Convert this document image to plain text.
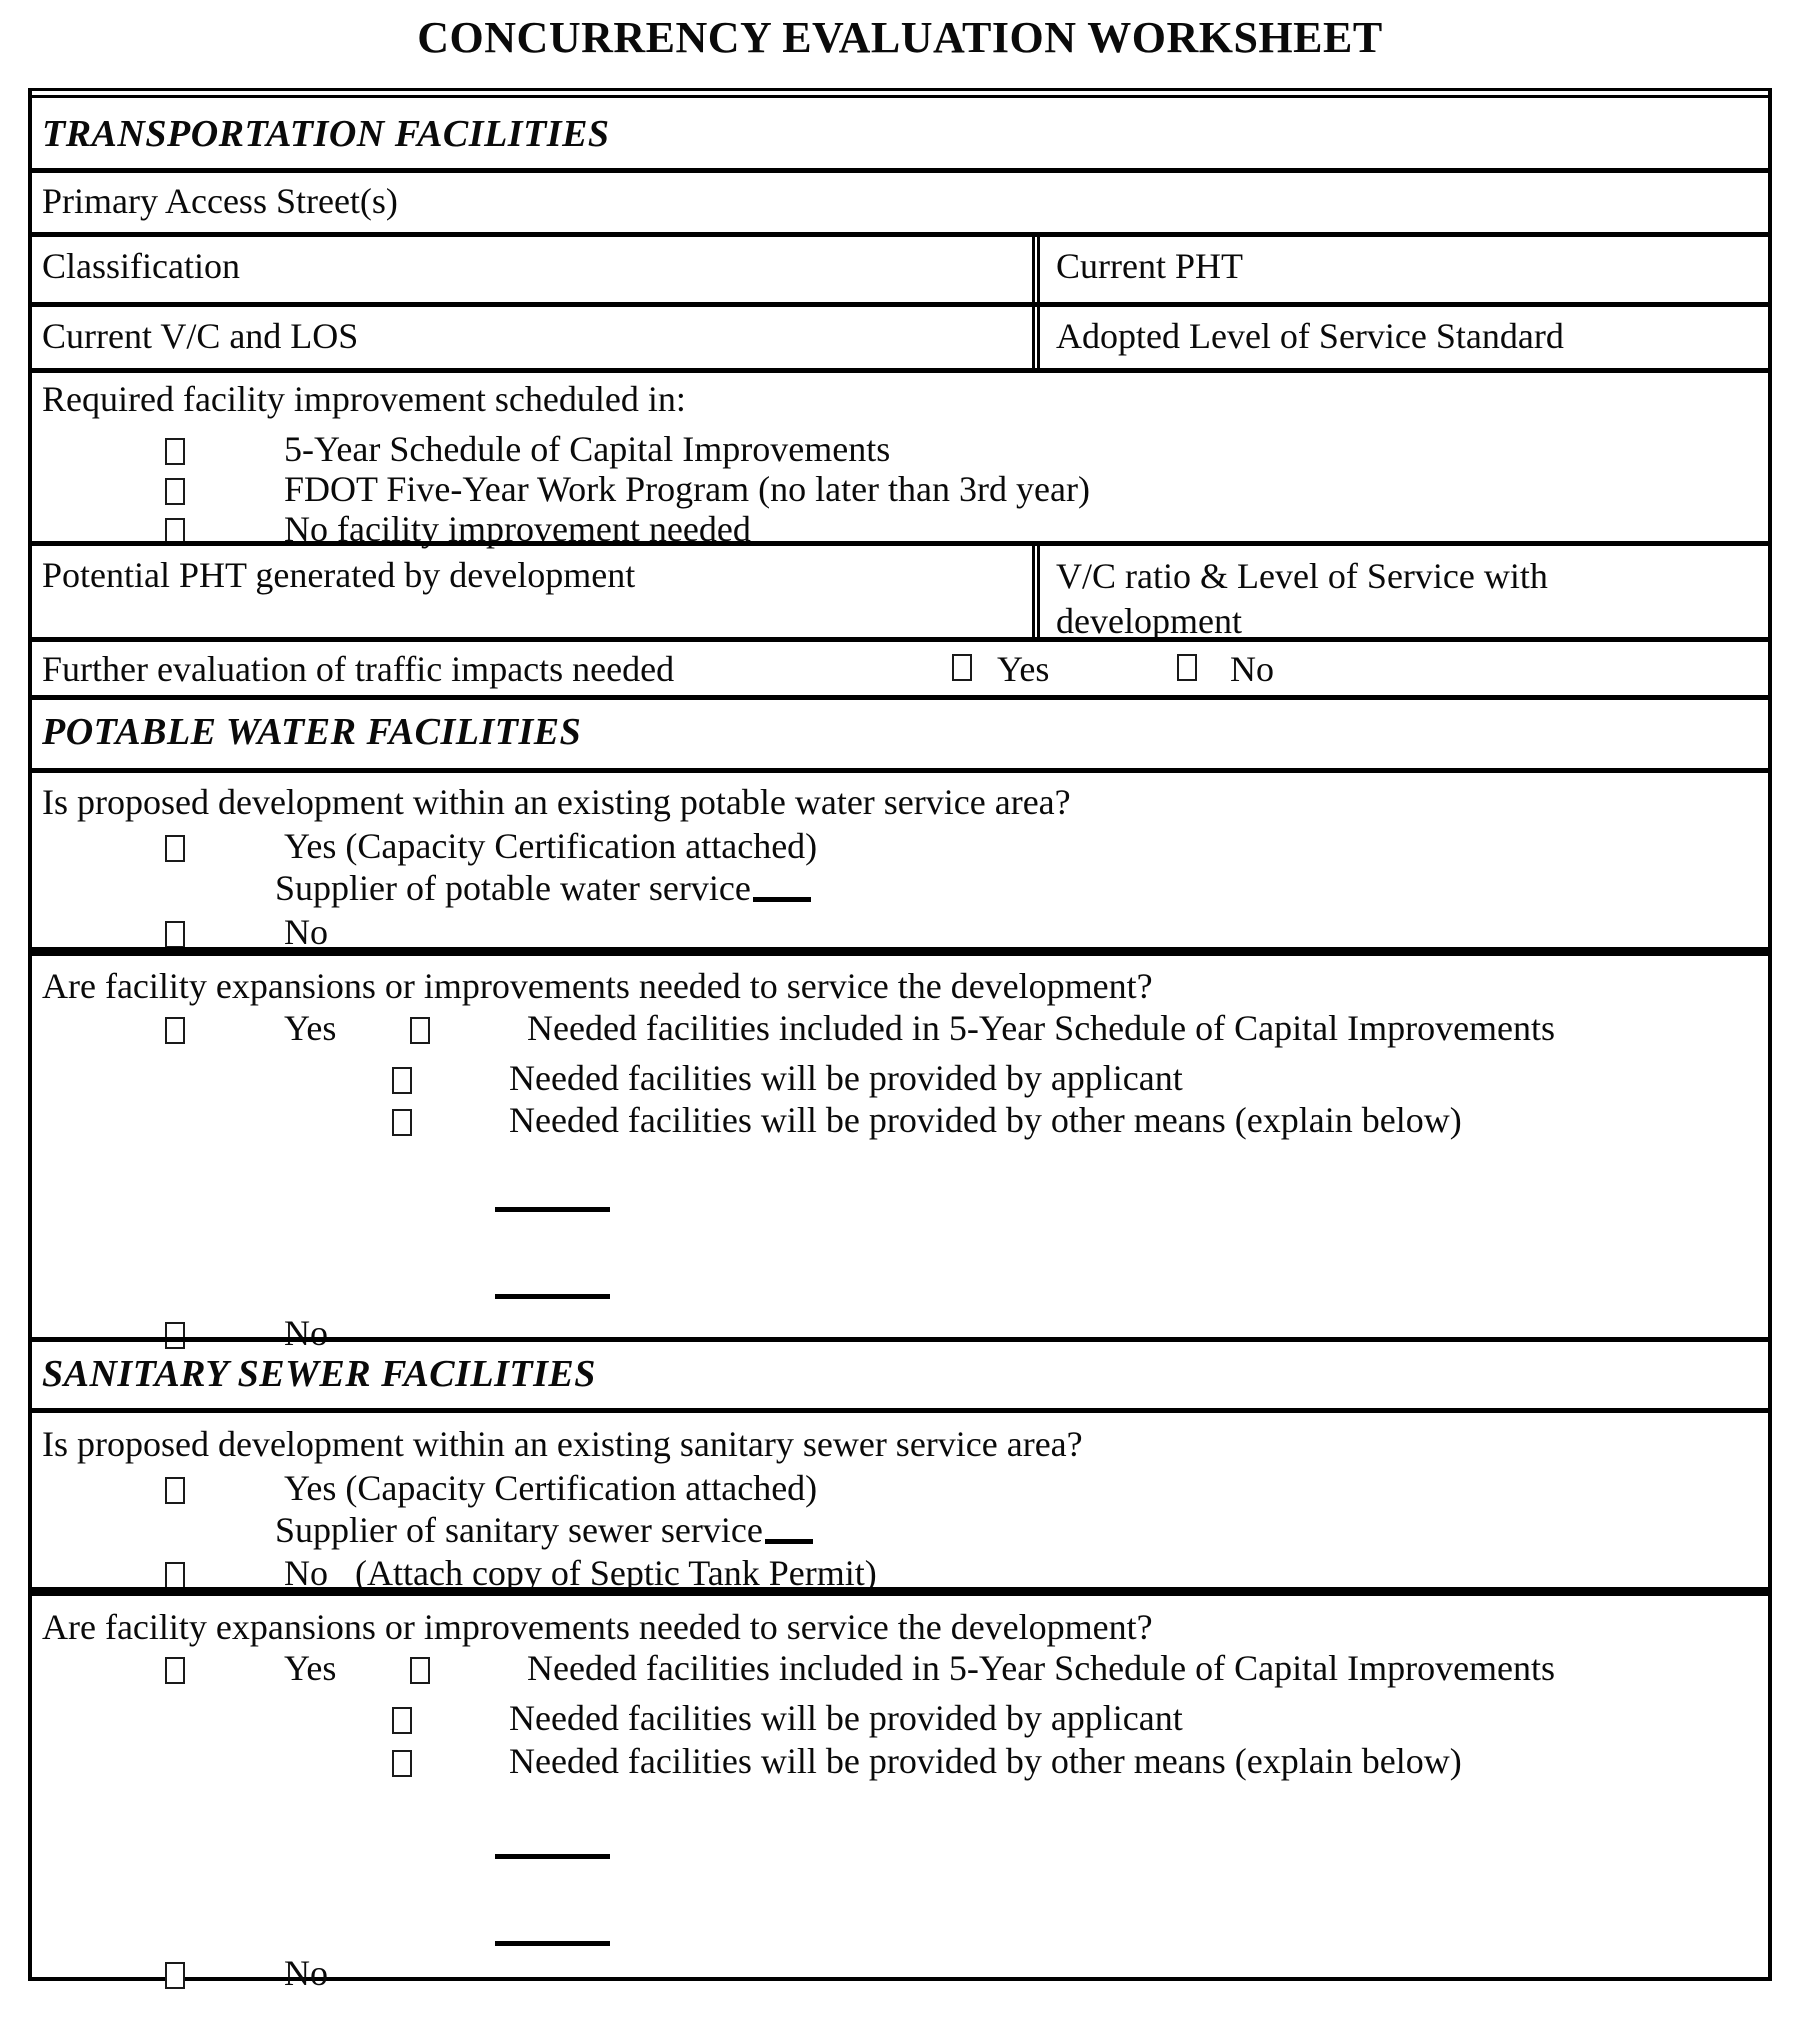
CONCURRENCY EVALUATION WORKSHEET
TRANSPORTATION FACILITIES
Primary Access Street(s)
Classification	Current PHT
Current V/C and LOS	Adopted Level of Service Standard
Required facility improvement scheduled in:
5-Year Schedule of Capital Improvements
FDOT Five-Year Work Program (no later than 3rd year)
No facility improvement needed
Potential PHT generated by development	V/C ratio & Level of Service with development
Further evaluation of traffic impacts needed	Yes	No
POTABLE WATER FACILITIES
Is proposed development within an existing potable water service area?
Yes (Capacity Certification attached)
Supplier of potable water service
No
Are facility expansions or improvements needed to service the development?
Yes	Needed facilities included in 5-Year Schedule of Capital Improvements
Needed facilities will be provided by applicant
Needed facilities will be provided by other means (explain below)
No
SANITARY SEWER FACILITIES
Is proposed development within an existing sanitary sewer service area?
Yes (Capacity Certification attached)
Supplier of sanitary sewer service
No (Attach copy of Septic Tank Permit)
Are facility expansions or improvements needed to service the development?
Yes	Needed facilities included in 5-Year Schedule of Capital Improvements
Needed facilities will be provided by applicant
Needed facilities will be provided by other means (explain below)
No
